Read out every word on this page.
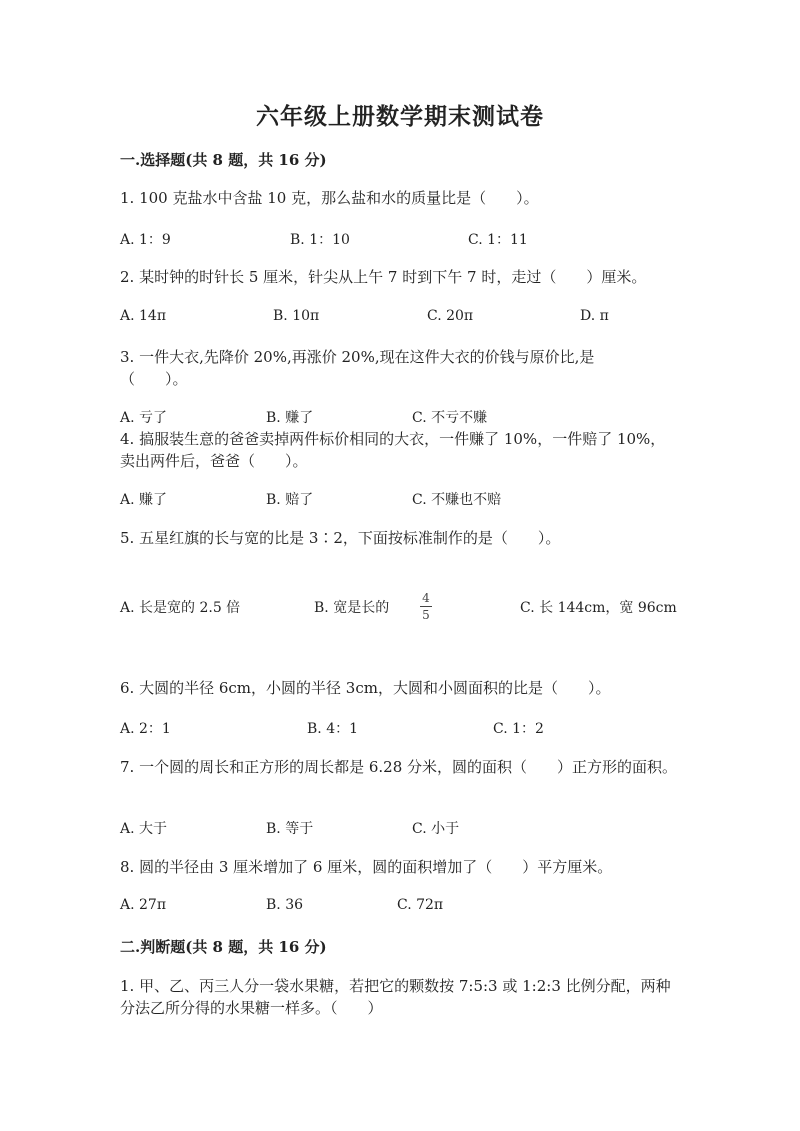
六年级上册数学期末测试卷
一.选择题(共 8 题，共 16 分)
1. 100 克盐水中含盐 10 克，那么盐和水的质量比是（　　）。
A. 1：9	B. 1：10	C. 1：11
2. 某时钟的时针长 5 厘米，针尖从上午 7 时到下午 7 时，走过（　　）厘米。
A. 14π	B. 10π	C. 20π	D. π
3. 一件大衣,先降价 20%,再涨价 20%,现在这件大衣的价钱与原价比,是（　　）。
A. 亏了	B. 赚了	C. 不亏不赚
4. 搞服装生意的爸爸卖掉两件标价相同的大衣，一件赚了 10%，一件赔了 10%，卖出两件后，爸爸（　　）。
A. 赚了	B. 赔了	C. 不赚也不赔
5. 五星红旗的长与宽的比是 3∶2，下面按标准制作的是（　　）。
A. 长是宽的 2.5 倍	B. 宽是长的
4
5	C. 长 144cm，宽 96cm
6. 大圆的半径 6cm，小圆的半径 3cm，大圆和小圆面积的比是（　　）。
A. 2：1	B. 4：1	C. 1：2
7. 一个圆的周长和正方形的周长都是 6.28 分米，圆的面积（　　）正方形的面积。
A. 大于	B. 等于	C. 小于
8. 圆的半径由 3 厘米增加了 6 厘米，圆的面积增加了（　　）平方厘米。
A. 27π	B. 36	C. 72π
二.判断题(共 8 题，共 16 分)
1. 甲、乙、丙三人分一袋水果糖，若把它的颗数按 7:5:3 或 1:2:3 比例分配，两种分法乙所分得的水果糖一样多。（　　）
